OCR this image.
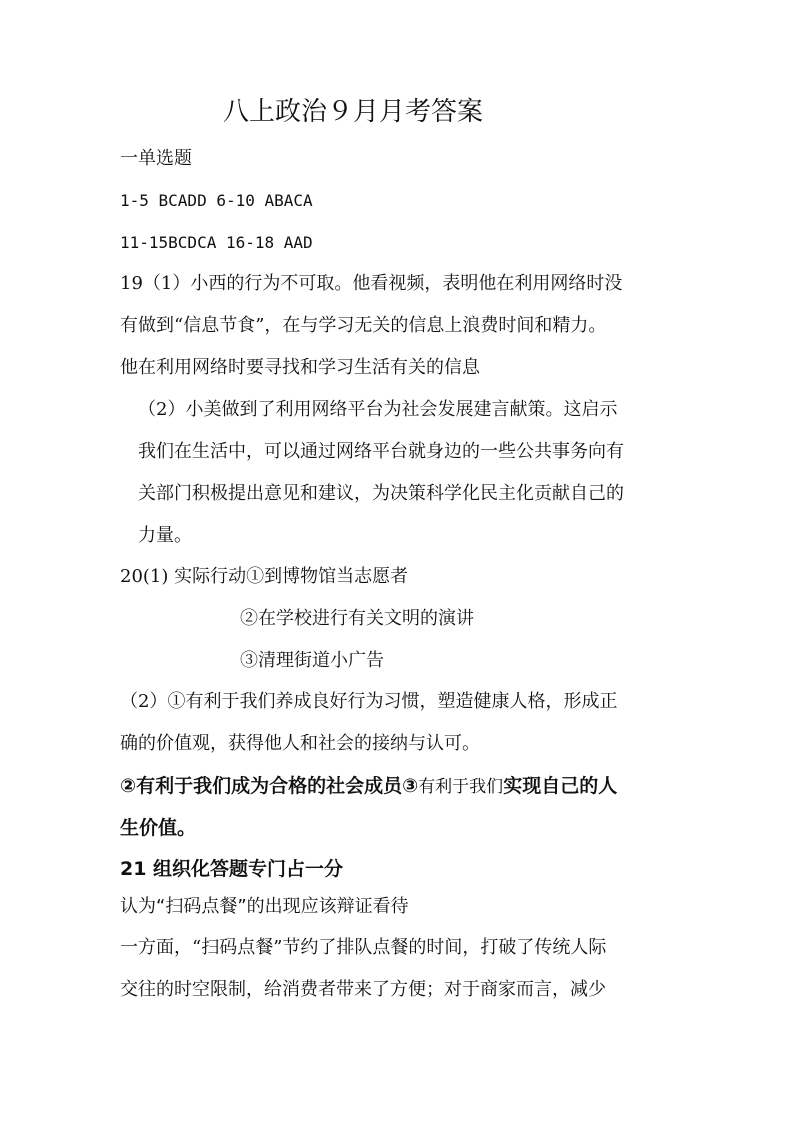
八上政治９月月考答案
一单选题
1-5 BCADD 6-10 ABACA
11-15BCDCA 16-18 AAD
19（1）小西的行为不可取。他看视频，表明他在利用网络时没
有做到“信息节食”，在与学习无关的信息上浪费时间和精力。
他在利用网络时要寻找和学习生活有关的信息
（2）小美做到了利用网络平台为社会发展建言献策。这启示
我们在生活中，可以通过网络平台就身边的一些公共事务向有
关部门积极提出意见和建议，为决策科学化民主化贡献自己的
力量。
20(1) 实际行动①到博物馆当志愿者
②在学校进行有关文明的演讲
③清理街道小广告
（2）①有利于我们养成良好行为习惯，塑造健康人格，形成正
确的价值观，获得他人和社会的接纳与认可。
②有利于我们成为合格的社会成员③有利于我们实现自己的人
生价值。
21 组织化答题专门占一分
认为“扫码点餐”的出现应该辩证看待
一方面，“扫码点餐”节约了排队点餐的时间，打破了传统人际
交往的时空限制，给消费者带来了方便；对于商家而言，减少
